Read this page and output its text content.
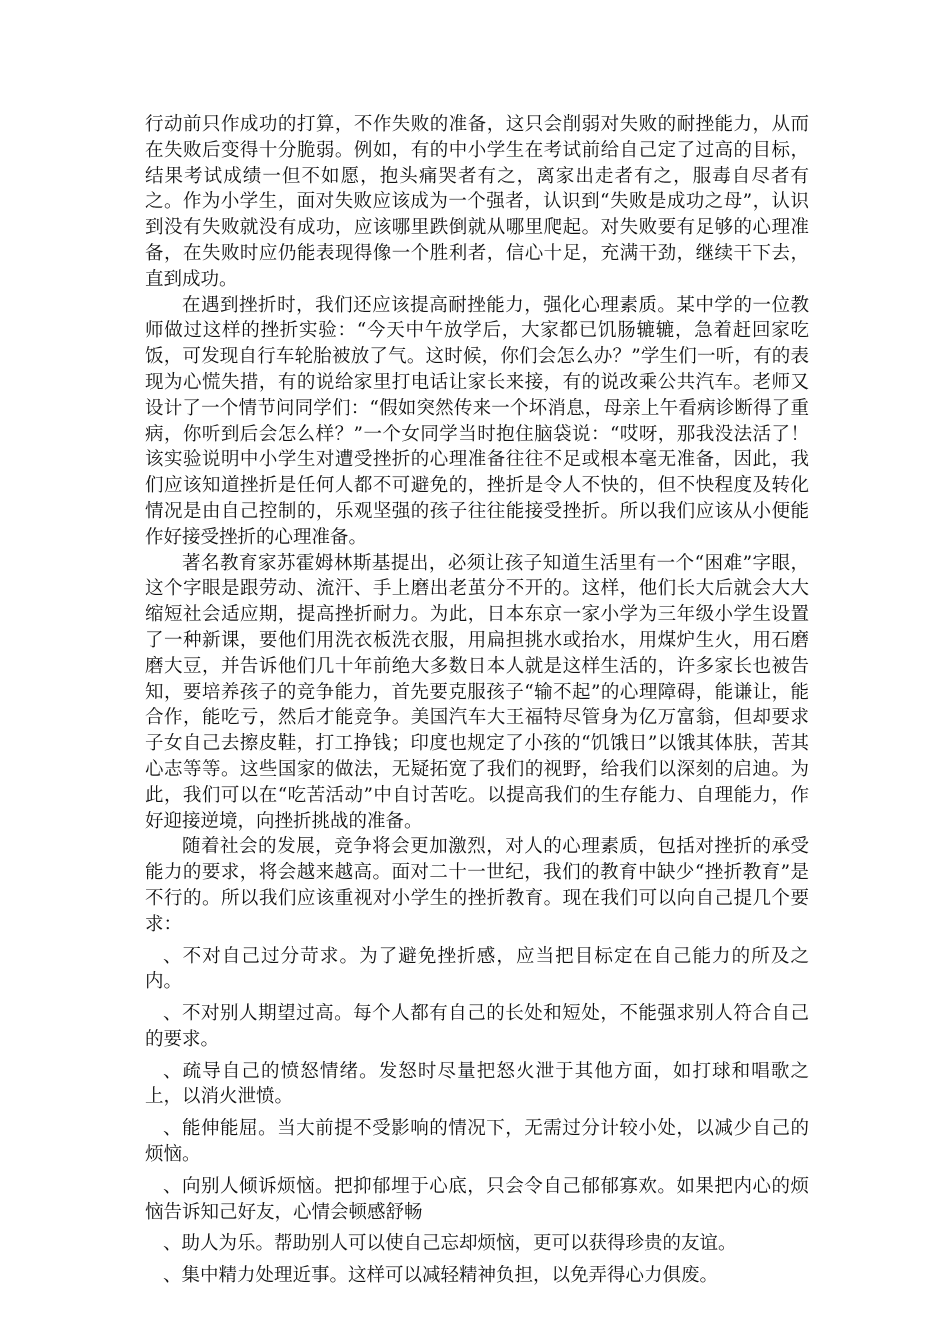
行动前只作成功的打算，不作失败的准备，这只会削弱对失败的耐挫能力，从而在失败后变得十分脆弱。例如，有的中小学生在考试前给自己定了过高的目标，结果考试成绩一但不如愿，抱头痛哭者有之，离家出走者有之，服毒自尽者有之。作为小学生，面对失败应该成为一个强者，认识到“失败是成功之母”，认识到没有失败就没有成功，应该哪里跌倒就从哪里爬起。对失败要有足够的心理准备，在失败时应仍能表现得像一个胜利者，信心十足，充满干劲，继续干下去，直到成功。

在遇到挫折时，我们还应该提高耐挫能力，强化心理素质。某中学的一位教师做过这样的挫折实验：“今天中午放学后，大家都已饥肠辘辘，急着赶回家吃饭，可发现自行车轮胎被放了气。这时候，你们会怎么办？”学生们一听，有的表现为心慌失措，有的说给家里打电话让家长来接，有的说改乘公共汽车。老师又设计了一个情节问同学们：“假如突然传来一个坏消息，母亲上午看病诊断得了重病，你听到后会怎么样？”一个女同学当时抱住脑袋说：“哎呀，那我没法活了！　该实验说明中小学生对遭受挫折的心理准备往往不足或根本毫无准备，因此，我们应该知道挫折是任何人都不可避免的，挫折是令人不快的，但不快程度及转化情况是由自己控制的，乐观坚强的孩子往往能接受挫折。所以我们应该从小便能作好接受挫折的心理准备。

著名教育家苏霍姆林斯基提出，必须让孩子知道生活里有一个“困难”字眼，这个字眼是跟劳动、流汗、手上磨出老茧分不开的。这样，他们长大后就会大大缩短社会适应期，提高挫折耐力。为此，日本东京一家小学为三年级小学生设置了一种新课，要他们用洗衣板洗衣服，用扁担挑水或抬水，用煤炉生火，用石磨磨大豆，并告诉他们几十年前绝大多数日本人就是这样生活的，许多家长也被告知，要培养孩子的竞争能力，首先要克服孩子“输不起”的心理障碍，能谦让，能合作，能吃亏，然后才能竞争。美国汽车大王福特尽管身为亿万富翁，但却要求子女自己去擦皮鞋，打工挣钱；印度也规定了小孩的“饥饿日”以饿其体肤，苦其心志等等。这些国家的做法，无疑拓宽了我们的视野，给我们以深刻的启迪。为此，我们可以在“吃苦活动”中自讨苦吃。以提高我们的生存能力、自理能力，作好迎接逆境，向挫折挑战的准备。

随着社会的发展，竞争将会更加激烈，对人的心理素质，包括对挫折的承受能力的要求，将会越来越高。面对二十一世纪，我们的教育中缺少“挫折教育”是不行的。所以我们应该重视对小学生的挫折教育。现在我们可以向自己提几个要求：

、不对自己过分苛求。为了避免挫折感，应当把目标定在自己能力的所及之内。

、不对别人期望过高。每个人都有自己的长处和短处，不能强求别人符合自己的要求。

、疏导自己的愤怒情绪。发怒时尽量把怒火泄于其他方面，如打球和唱歌之上，以消火泄愤。

、能伸能屈。当大前提不受影响的情况下，无需过分计较小处，以减少自己的烦恼。

、向别人倾诉烦恼。把抑郁埋于心底，只会令自己郁郁寡欢。如果把内心的烦恼告诉知己好友，心情会顿感舒畅

、助人为乐。帮助别人可以使自己忘却烦恼，更可以获得珍贵的友谊。

、集中精力处理近事。这样可以减轻精神负担，以免弄得心力俱废。
